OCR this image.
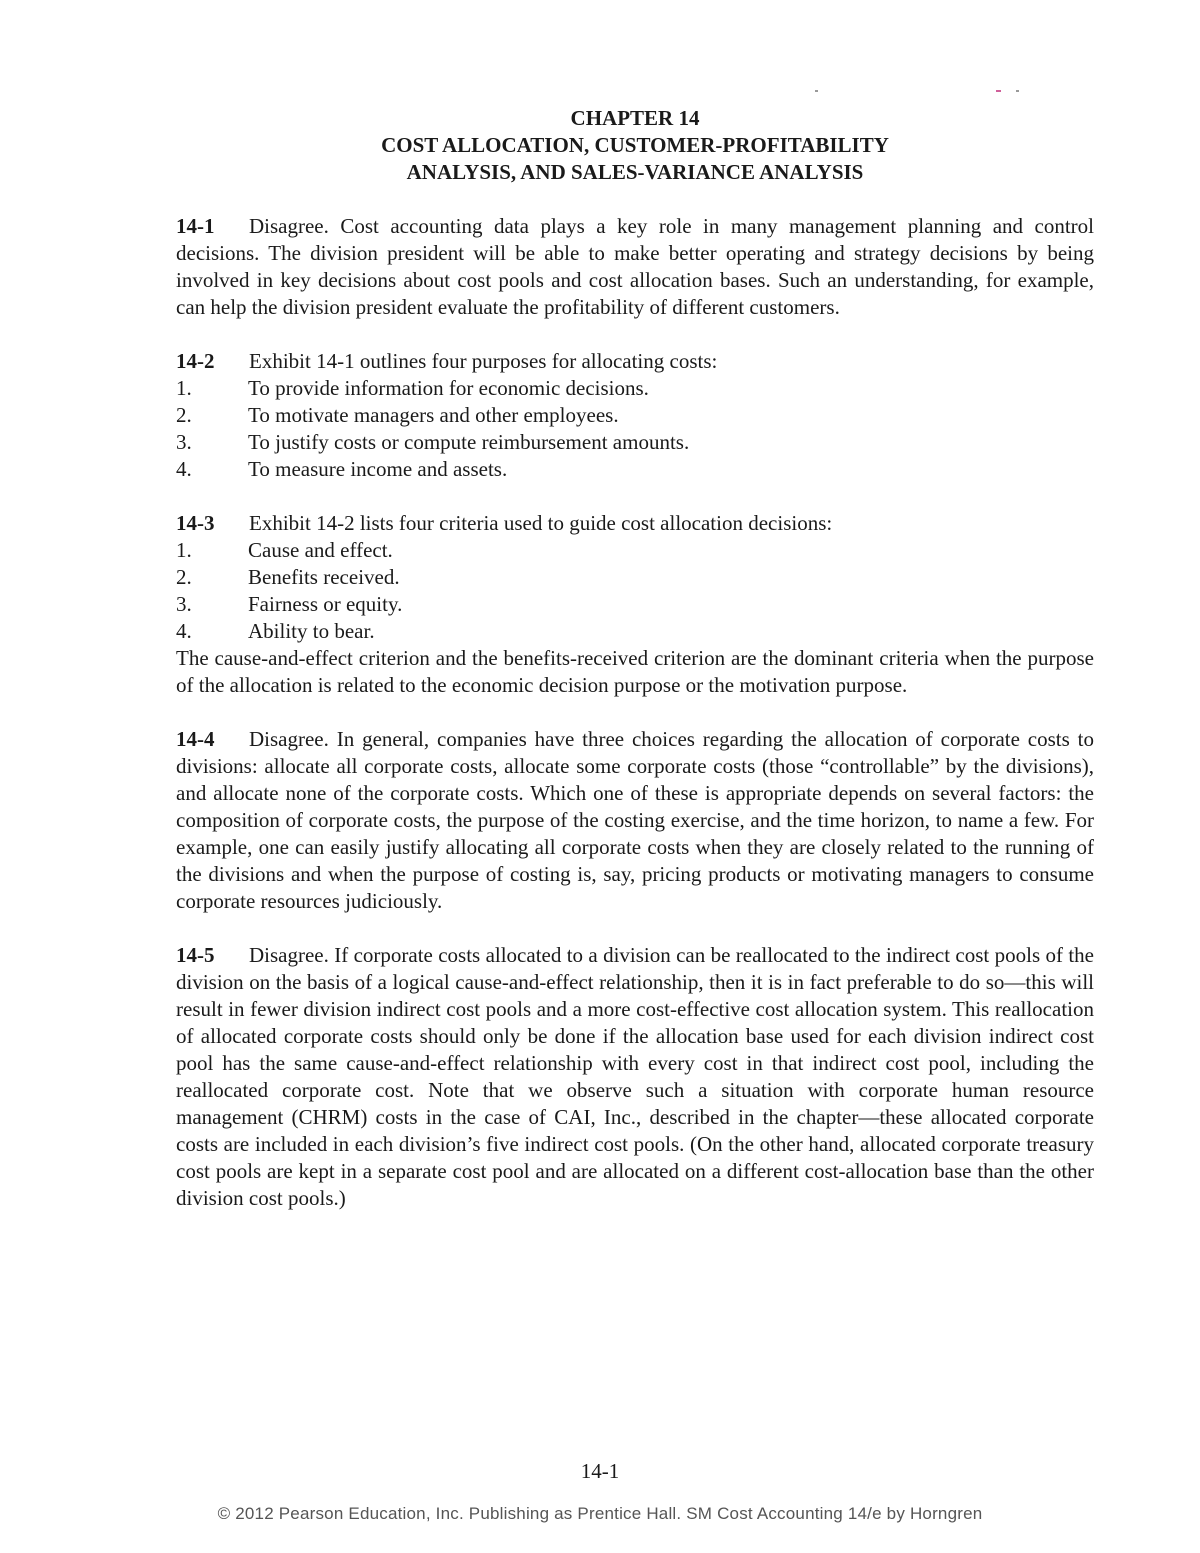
CHAPTER 14
COST ALLOCATION, CUSTOMER-PROFITABILITY
ANALYSIS, AND SALES-VARIANCE ANALYSIS
14-1 Disagree. Cost accounting data plays a key role in many management planning and control decisions. The division president will be able to make better operating and strategy decisions by being involved in key decisions about cost pools and cost allocation bases. Such an understanding, for example, can help the division president evaluate the profitability of different customers.
14-2 Exhibit 14-1 outlines four purposes for allocating costs:
1.	To provide information for economic decisions.
2.	To motivate managers and other employees.
3.	To justify costs or compute reimbursement amounts.
4.	To measure income and assets.
14-3 Exhibit 14-2 lists four criteria used to guide cost allocation decisions:
1.	Cause and effect.
2.	Benefits received.
3.	Fairness or equity.
4.	Ability to bear.
The cause-and-effect criterion and the benefits-received criterion are the dominant criteria when the purpose of the allocation is related to the economic decision purpose or the motivation purpose.
14-4 Disagree. In general, companies have three choices regarding the allocation of corporate costs to divisions: allocate all corporate costs, allocate some corporate costs (those “controllable” by the divisions), and allocate none of the corporate costs. Which one of these is appropriate depends on several factors: the composition of corporate costs, the purpose of the costing exercise, and the time horizon, to name a few. For example, one can easily justify allocating all corporate costs when they are closely related to the running of the divisions and when the purpose of costing is, say, pricing products or motivating managers to consume corporate resources judiciously.
14-5 Disagree. If corporate costs allocated to a division can be reallocated to the indirect cost pools of the division on the basis of a logical cause-and-effect relationship, then it is in fact preferable to do so—this will result in fewer division indirect cost pools and a more cost-effective cost allocation system. This reallocation of allocated corporate costs should only be done if the allocation base used for each division indirect cost pool has the same cause-and-effect relationship with every cost in that indirect cost pool, including the reallocated corporate cost. Note that we observe such a situation with corporate human resource management (CHRM) costs in the case of CAI, Inc., described in the chapter—these allocated corporate costs are included in each division’s five indirect cost pools. (On the other hand, allocated corporate treasury cost pools are kept in a separate cost pool and are allocated on a different cost-allocation base than the other division cost pools.)
14-1
© 2012 Pearson Education, Inc. Publishing as Prentice Hall. SM Cost Accounting 14/e by Horngren
